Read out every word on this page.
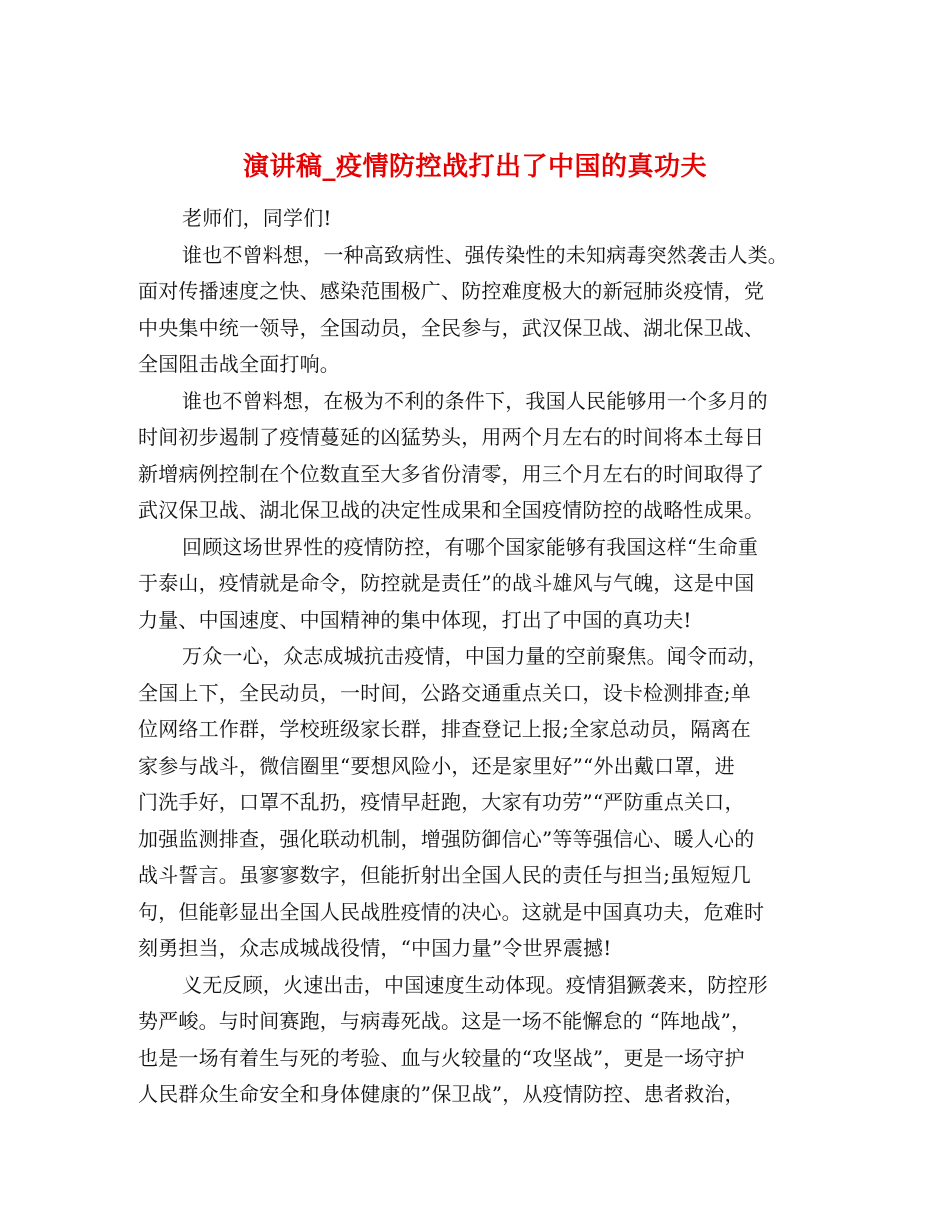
演讲稿_疫情防控战打出了中国的真功夫
老师们，同学们!
谁也不曾料想，一种高致病性、强传染性的未知病毒突然袭击人类。
面对传播速度之快、感染范围极广、防控难度极大的新冠肺炎疫情，党
中央集中统一领导，全国动员，全民参与，武汉保卫战、湖北保卫战、
全国阻击战全面打响。
谁也不曾料想，在极为不利的条件下，我国人民能够用一个多月的
时间初步遏制了疫情蔓延的凶猛势头，用两个月左右的时间将本土每日
新增病例控制在个位数直至大多省份清零，用三个月左右的时间取得了
武汉保卫战、湖北保卫战的决定性成果和全国疫情防控的战略性成果。
回顾这场世界性的疫情防控，有哪个国家能够有我国这样“生命重
于泰山，疫情就是命令，防控就是责任”的战斗雄风与气魄，这是中国
力量、中国速度、中国精神的集中体现，打出了中国的真功夫!
万众一心，众志成城抗击疫情，中国力量的空前聚焦。闻令而动，
全国上下，全民动员，一时间，公路交通重点关口，设卡检测排查;单
位网络工作群，学校班级家长群，排查登记上报;全家总动员，隔离在
家参与战斗，微信圈里“要想风险小，还是家里好”“外出戴口罩，进
门洗手好，口罩不乱扔，疫情早赶跑，大家有功劳”“严防重点关口，
加强监测排查，强化联动机制，增强防御信心”等等强信心、暖人心的
战斗誓言。虽寥寥数字，但能折射出全国人民的责任与担当;虽短短几
句，但能彰显出全国人民战胜疫情的决心。这就是中国真功夫，危难时
刻勇担当，众志成城战役情，“中国力量”令世界震撼!
义无反顾，火速出击，中国速度生动体现。疫情猖獗袭来，防控形
势严峻。与时间赛跑，与病毒死战。这是一场不能懈怠的 “阵地战”，
也是一场有着生与死的考验、血与火较量的“攻坚战”，更是一场守护
人民群众生命安全和身体健康的”保卫战”，从疫情防控、患者救治，
